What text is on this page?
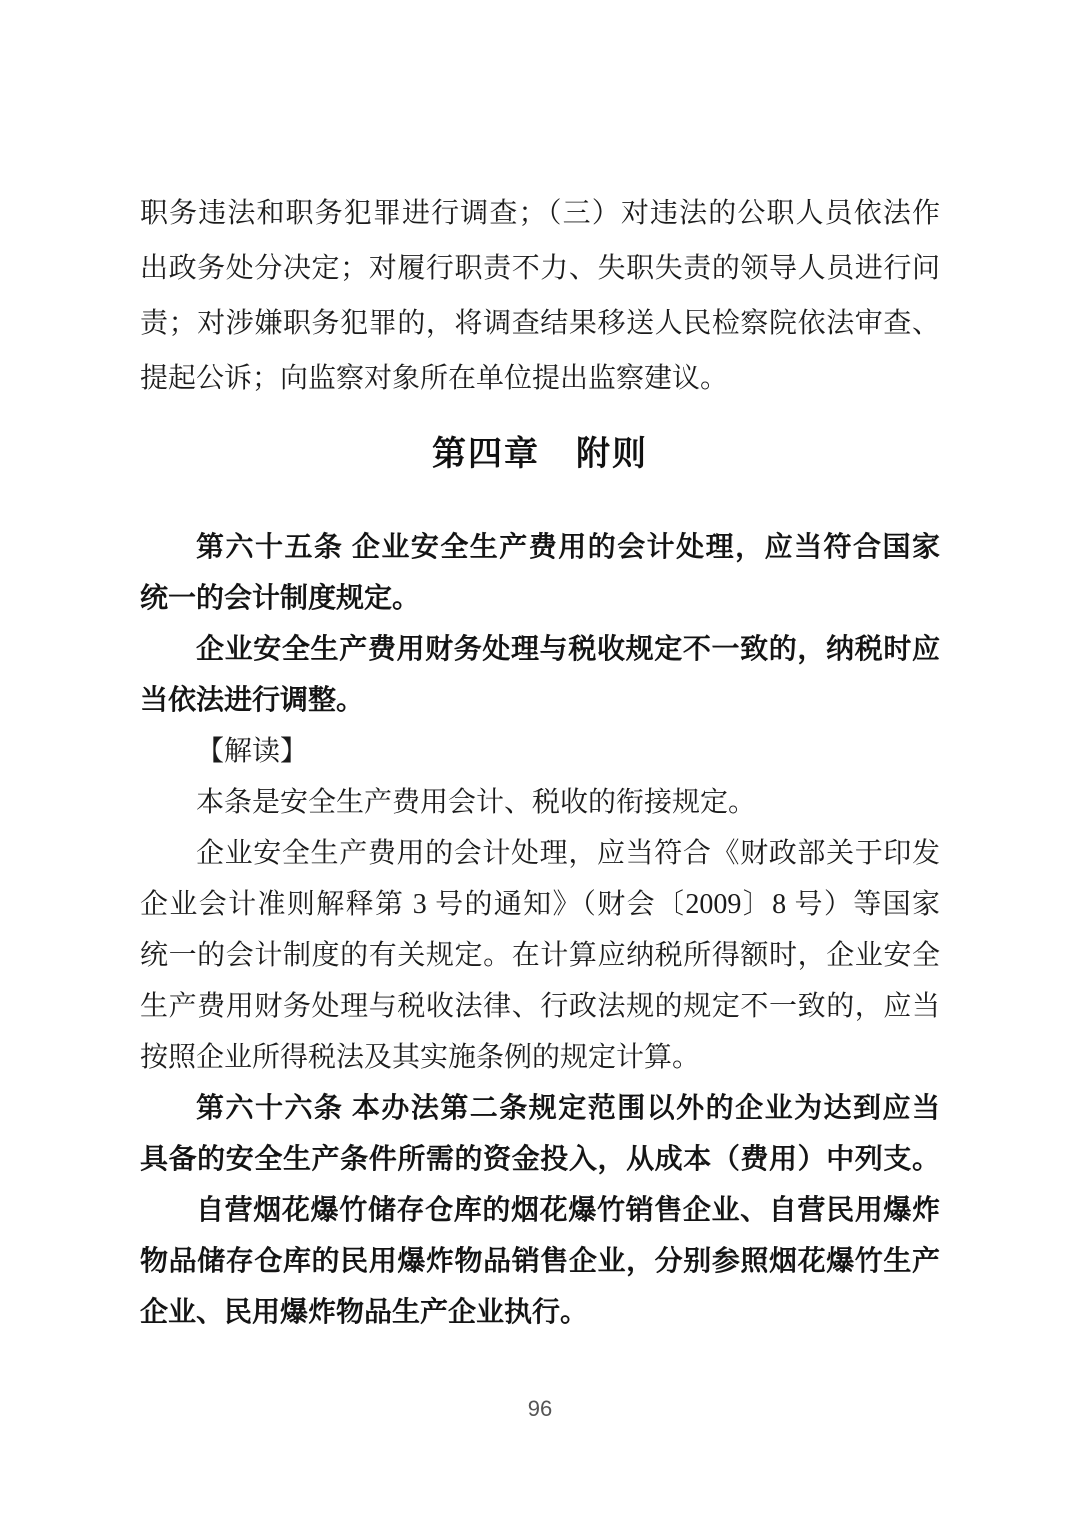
职务违法和职务犯罪进行调查；（三）对违法的公职人员依法作
出政务处分决定；对履行职责不力、失职失责的领导人员进行问
责；对涉嫌职务犯罪的，将调查结果移送人民检察院依法审查、
提起公诉；向监察对象所在单位提出监察建议。
第四章　附则
第六十五条 企业安全生产费用的会计处理，应当符合国家
统一的会计制度规定。
企业安全生产费用财务处理与税收规定不一致的，纳税时应
当依法进行调整。
【解读】
本条是安全生产费用会计、税收的衔接规定。
企业安全生产费用的会计处理，应当符合《财政部关于印发
企业会计准则解释第 3 号的通知》（财会〔2009〕8 号）等国家
统一的会计制度的有关规定。在计算应纳税所得额时，企业安全
生产费用财务处理与税收法律、行政法规的规定不一致的，应当
按照企业所得税法及其实施条例的规定计算。
第六十六条 本办法第二条规定范围以外的企业为达到应当
具备的安全生产条件所需的资金投入，从成本（费用）中列支。
自营烟花爆竹储存仓库的烟花爆竹销售企业、自营民用爆炸
物品储存仓库的民用爆炸物品销售企业，分别参照烟花爆竹生产
企业、民用爆炸物品生产企业执行。
96
